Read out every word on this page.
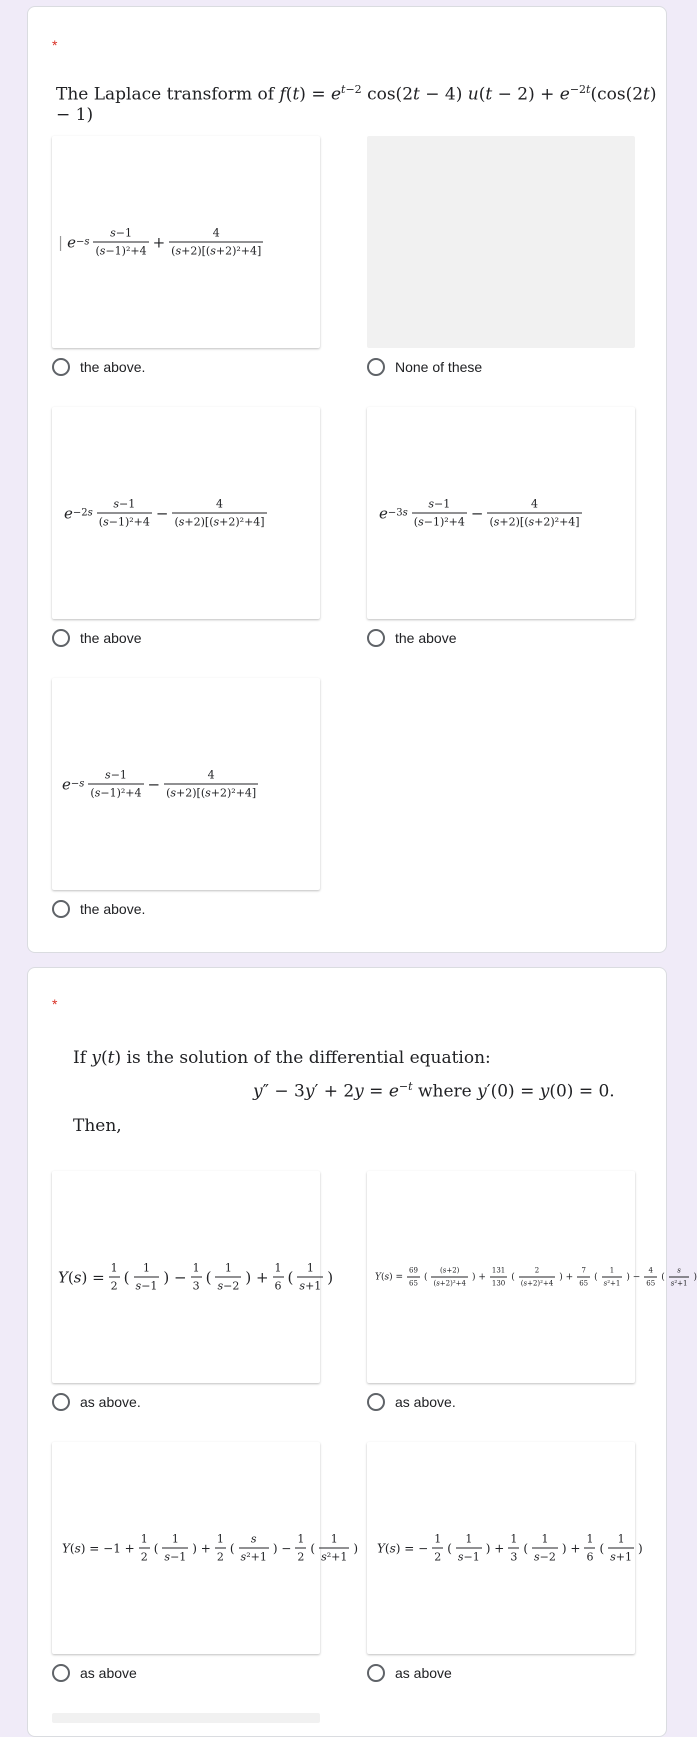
*
The Laplace transform of $f(t) = e^{t-2}$ cos(2t − 4) $u(t - 2) + e^{-2t}(\cos(2t) - 1)$
| $e -s \frac{s-1}{\text{(s−1)²+4}} + \frac{4}{\text{(s+2)[(s+2)²+4]}}$
the above.	None of these
$e -2s \frac{s-1}{\text{(s−1)²+4}} - \frac{4}{\text{(s+2)[(s+2)²+4]}}$
the above
$e -3s \frac{s-1}{\text{(s−1)²+4}} - \frac{4}{\text{(s+2)[(s+2)²+4]}}$
the above
$e -s \frac{s-1}{\text{(s−1)²+4}} - \frac{4}{\text{(s+2)[(s+2)²+4]}}$
the above.
*
If y(t) is the solution of the differential equation:
$y'' - 3y' + 2y = e^{-t}$ where y′(0) = y(0) = 0.
Then,
Y ( s ) = $\frac{1}{2}$ ( $\frac{1}{s-1}$ ) − $\frac{1}{3}$ ( $\frac{1}{s-2}$ ) + $\frac{1}{6}$ ( $\frac{1}{s+1}$ )
as above.
Y ( s ) = $\frac{69}{65}$ ( $\frac{(s+2)}{\text{(s+2)²+4}}$ ) + $\frac{131}{130}$ ( $\frac{2}{\text{(s+2)²+4}}$ ) + $\frac{7}{65}$ ( $\frac{1}{\text{s²+1}}$ ) − $\frac{4}{65}$ ( $\frac{s}{\text{s²+1}}$ )
as above.
Y ( s ) = $-1 + \frac{1}{2}$ ( $\frac{1}{s-1}$ ) + $\frac{1}{2}$ ( $\frac{s}{\text{s²+1}}$ ) − $\frac{1}{2}$ ( $\frac{1}{\text{s²+1}}$ )
as above
Y ( s ) = − $\frac{1}{2}$ ( $\frac{1}{s-1}$ ) + $\frac{1}{3}$ ( $\frac{1}{s-2}$ ) + $\frac{1}{6}$ ( $\frac{1}{s+1}$ )
as above
